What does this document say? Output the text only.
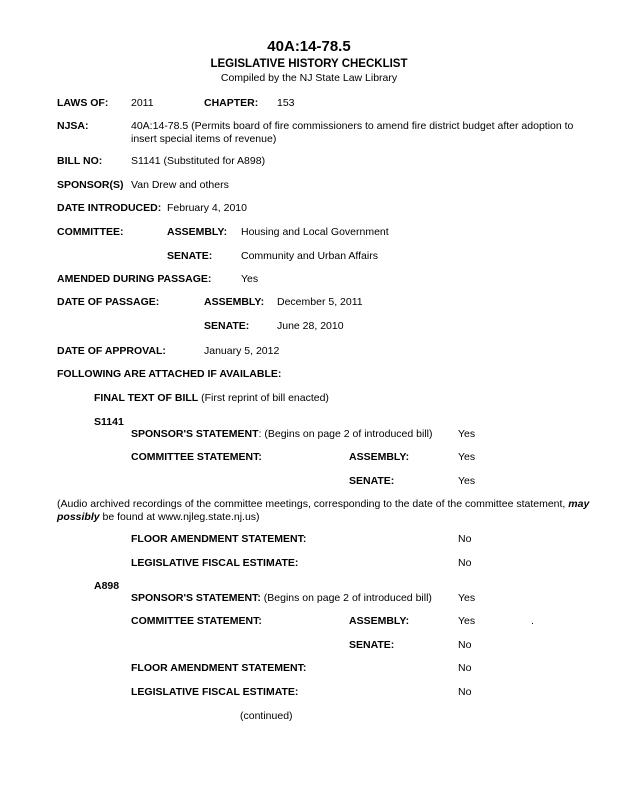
40A:14-78.5
LEGISLATIVE HISTORY CHECKLIST
Compiled by the NJ State Law Library
LAWS OF: 2011	CHAPTER: 153
NJSA:	40A:14-78.5 (Permits board of fire commissioners to amend fire district budget after adoption to insert special items of revenue)
BILL NO:	S1141 (Substituted for A898)
SPONSOR(S) Van Drew and others
DATE INTRODUCED: February 4, 2010
COMMITTEE:	ASSEMBLY: Housing and Local Government
SENATE:	Community and Urban Affairs
AMENDED DURING PASSAGE:	Yes
DATE OF PASSAGE:	ASSEMBLY: December 5, 2011
SENATE:	June 28, 2010
DATE OF APPROVAL:	January 5, 2012
FOLLOWING ARE ATTACHED IF AVAILABLE:
FINAL TEXT OF BILL (First reprint of bill enacted)
S1141
SPONSOR'S STATEMENT: (Begins on page 2 of introduced bill) Yes
COMMITTEE STATEMENT:	ASSEMBLY:	Yes
SENATE:	Yes
(Audio archived recordings of the committee meetings, corresponding to the date of the committee statement, may possibly be found at www.njleg.state.nj.us)
FLOOR AMENDMENT STATEMENT:	No
LEGISLATIVE FISCAL ESTIMATE:	No
A898
SPONSOR'S STATEMENT: (Begins on page 2 of introduced bill) Yes
COMMITTEE STATEMENT:	ASSEMBLY:	Yes	.
SENATE:	No
FLOOR AMENDMENT STATEMENT:	No
LEGISLATIVE FISCAL ESTIMATE:	No
(continued)
